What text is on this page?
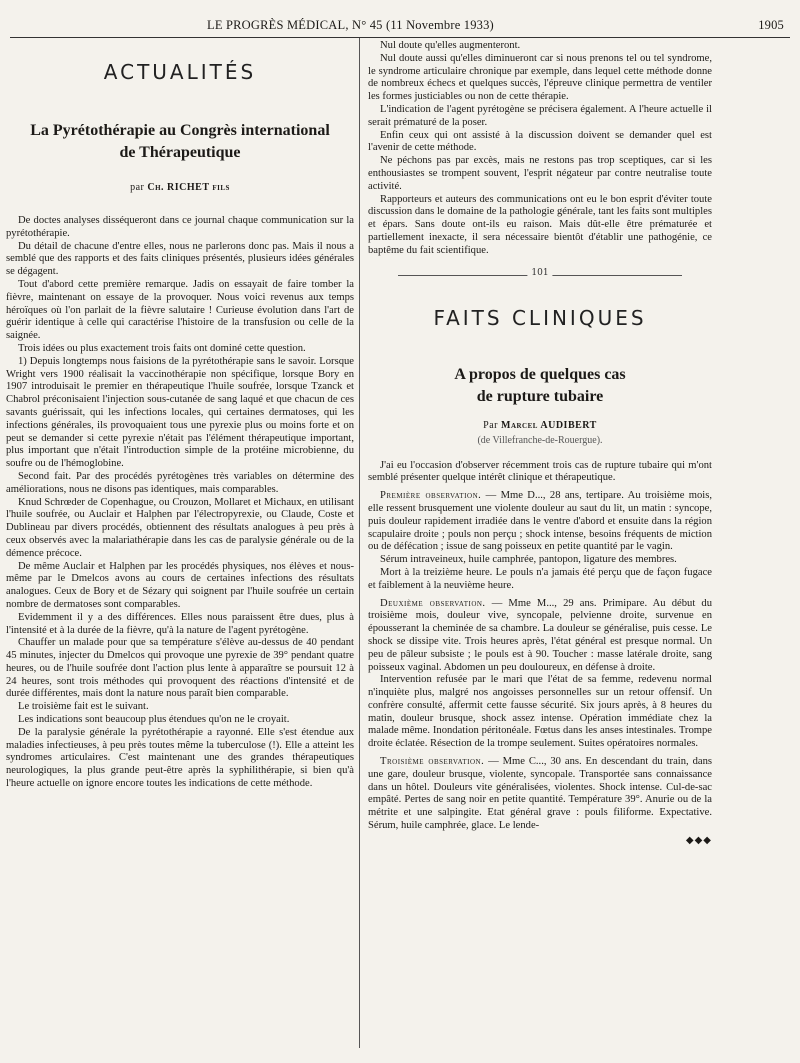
LE PROGRÈS MÉDICAL, N° 45 (11 Novembre 1933)	1905
ACTUALITÉS

La Pyrétothérapie au Congrès international

de Thérapeutique

par Ch. RICHET fils

De doctes analyses disséqueront dans ce journal chaque communication sur la pyrétothérapie.

Du détail de chacune d'entre elles, nous ne parlerons donc pas. Mais il nous a semblé que des rapports et des faits cliniques présentés, plusieurs idées générales se dégagent.

Tout d'abord cette première remarque. Jadis on essayait de faire tomber la fièvre, maintenant on essaye de la provoquer. Nous voici revenus aux temps héroïques où l'on parlait de la fièvre salutaire ! Curieuse évolution dans l'art de guérir identique à celle qui caractérise l'histoire de la transfusion ou celle de la saignée.

Trois idées ou plus exactement trois faits ont dominé cette question.

1) Depuis longtemps nous faisions de la pyrétothérapie sans le savoir. Lorsque Wright vers 1900 réalisait la vaccinothérapie non spécifique, lorsque Bory en 1907 introduisait le premier en thérapeutique l'huile soufrée, lorsque Tzanck et Chabrol préconisaient l'injection sous-cutanée de sang laqué et que chacun de ces savants guérissait, qui les infections locales, qui certaines dermatoses, qui les infections générales, ils provoquaient tous une pyrexie plus ou moins forte et on peut se demander si cette pyrexie n'était pas l'élément thérapeutique important, plus important que n'était l'introduction simple de la protéine microbienne, du soufre ou de l'hémoglobine.

Second fait. Par des procédés pyrétogènes très variables on détermine des améliorations, nous ne disons pas identiques, mais comparables.

Knud Schrœder de Copenhague, ou Crouzon, Mollaret et Michaux, en utilisant l'huile soufrée, ou Auclair et Halphen par l'électropyrexie, ou Claude, Coste et Dublineau par divers procédés, obtiennent des résultats analogues à peu près à ceux observés avec la malariathérapie dans les cas de paralysie générale ou de la démence précoce.

De même Auclair et Halphen par les procédés physiques, nos élèves et nous-même par le Dmelcos avons au cours de certaines infections des résultats analogues. Ceux de Bory et de Sézary qui soignent par l'huile soufrée un certain nombre de dermatoses sont comparables.

Evidemment il y a des différences. Elles nous paraissent être dues, plus à l'intensité et à la durée de la fièvre, qu'à la nature de l'agent pyrétogène.

Chauffer un malade pour que sa température s'élève au-dessus de 40 pendant 45 minutes, injecter du Dmelcos qui provoque une pyrexie de 39° pendant quatre heures, ou de l'huile soufrée dont l'action plus lente à apparaître se poursuit 12 à 24 heures, sont trois méthodes qui provoquent des réactions d'intensité et de durée différentes, mais dont la nature nous paraît bien comparable.

Le troisième fait est le suivant.

Les indications sont beaucoup plus étendues qu'on ne le croyait.

De la paralysie générale la pyrétothérapie a rayonné. Elle s'est étendue aux maladies infectieuses, à peu près toutes même la tuberculose (!). Elle a atteint les syndromes articulaires. C'est maintenant une des grandes thérapeutiques neurologiques, la plus grande peut-être après la syphilithérapie, si bien qu'à l'heure actuelle on ignore encore toutes les indications de cette méthode.

Nul doute qu'elles augmenteront.

Nul doute aussi qu'elles diminueront car si nous prenons tel ou tel syndrome, le syndrome articulaire chronique par exemple, dans lequel cette méthode donne de nombreux échecs et quelques succès, l'épreuve clinique permettra de ventiler les formes justiciables ou non de cette thérapie.

L'indication de l'agent pyrétogène se précisera également. A l'heure actuelle il serait prématuré de la poser.

Enfin ceux qui ont assisté à la discussion doivent se demander quel est l'avenir de cette méthode.

Ne péchons pas par excès, mais ne restons pas trop sceptiques, car si les enthousiastes se trompent souvent, l'esprit négateur par contre neutralise toute activité.

Rapporteurs et auteurs des communications ont eu le bon esprit d'éviter toute discussion dans le domaine de la pathologie générale, tant les faits sont multiples et épars. Sans doute ont-ils eu raison. Mais dût-elle être prématurée et partiellement inexacte, il sera nécessaire bientôt d'établir une pathogénie, ce baptême du fait scientifique.

101
FAITS CLINIQUES

A propos de quelques cas

de rupture tubaire

Par Marcel AUDIBERT
(de Villefranche-de-Rouergue).

J'ai eu l'occasion d'observer récemment trois cas de rupture tubaire qui m'ont semblé présenter quelque intérêt clinique et thérapeutique.

Première observation. — Mme D..., 28 ans, tertipare. Au troisième mois, elle ressent brusquement une violente douleur au saut du lit, un matin : syncope, puis douleur rapidement irradiée dans le ventre d'abord et ensuite dans la région scapulaire droite ; pouls non perçu ; shock intense, besoins fréquents de miction ou de défécation ; issue de sang poisseux en petite quantité par le vagin.

Sérum intraveineux, huile camphrée, pantopon, ligature des membres.

Mort à la treizième heure. Le pouls n'a jamais été perçu que de façon fugace et faiblement à la neuvième heure.

Deuxième observation. — Mme M..., 29 ans. Primipare. Au début du troisième mois, douleur vive, syncopale, pelvienne droite, survenue en épousseтant la cheminée de sa chambre. La douleur se généralise, puis cesse. Le shock se dissipe vite. Trois heures après, l'état général est presque normal. Un peu de pâleur subsiste ; le pouls est à 90. Toucher : masse latérale droite, sang poisseux vaginal. Abdomen un peu douloureux, en défense à droite.

Intervention refusée par le mari que l'état de sa femme, redevenu normal n'inquiète plus, malgré nos angoisses personnelles sur un retour offensif. Un confrère consulté, affermit cette fausse sécurité. Six jours après, à 8 heures du matin, douleur brusque, shock assez intense. Opération immédiate chez la malade même. Inondation péritonéale. Fœtus dans les anses intestinales. Trompe droite éclatée. Résection de la trompe seulement. Suites opératoires normales.

Troisième observation. — Mme C..., 30 ans. En descendant du train, dans une gare, douleur brusque, violente, syncopale. Transportée sans connaissance dans un hôtel. Douleurs vite généralisées, violentes. Shock intense. Cul-de-sac empâté. Pertes de sang noir en petite quantité. Température 39°. Anurie ou de la métrite et une salpingite. Etat général grave : pouls filiforme. Expectative. Sérum, huile camphrée, glace. Le lende-

◆◆◆
